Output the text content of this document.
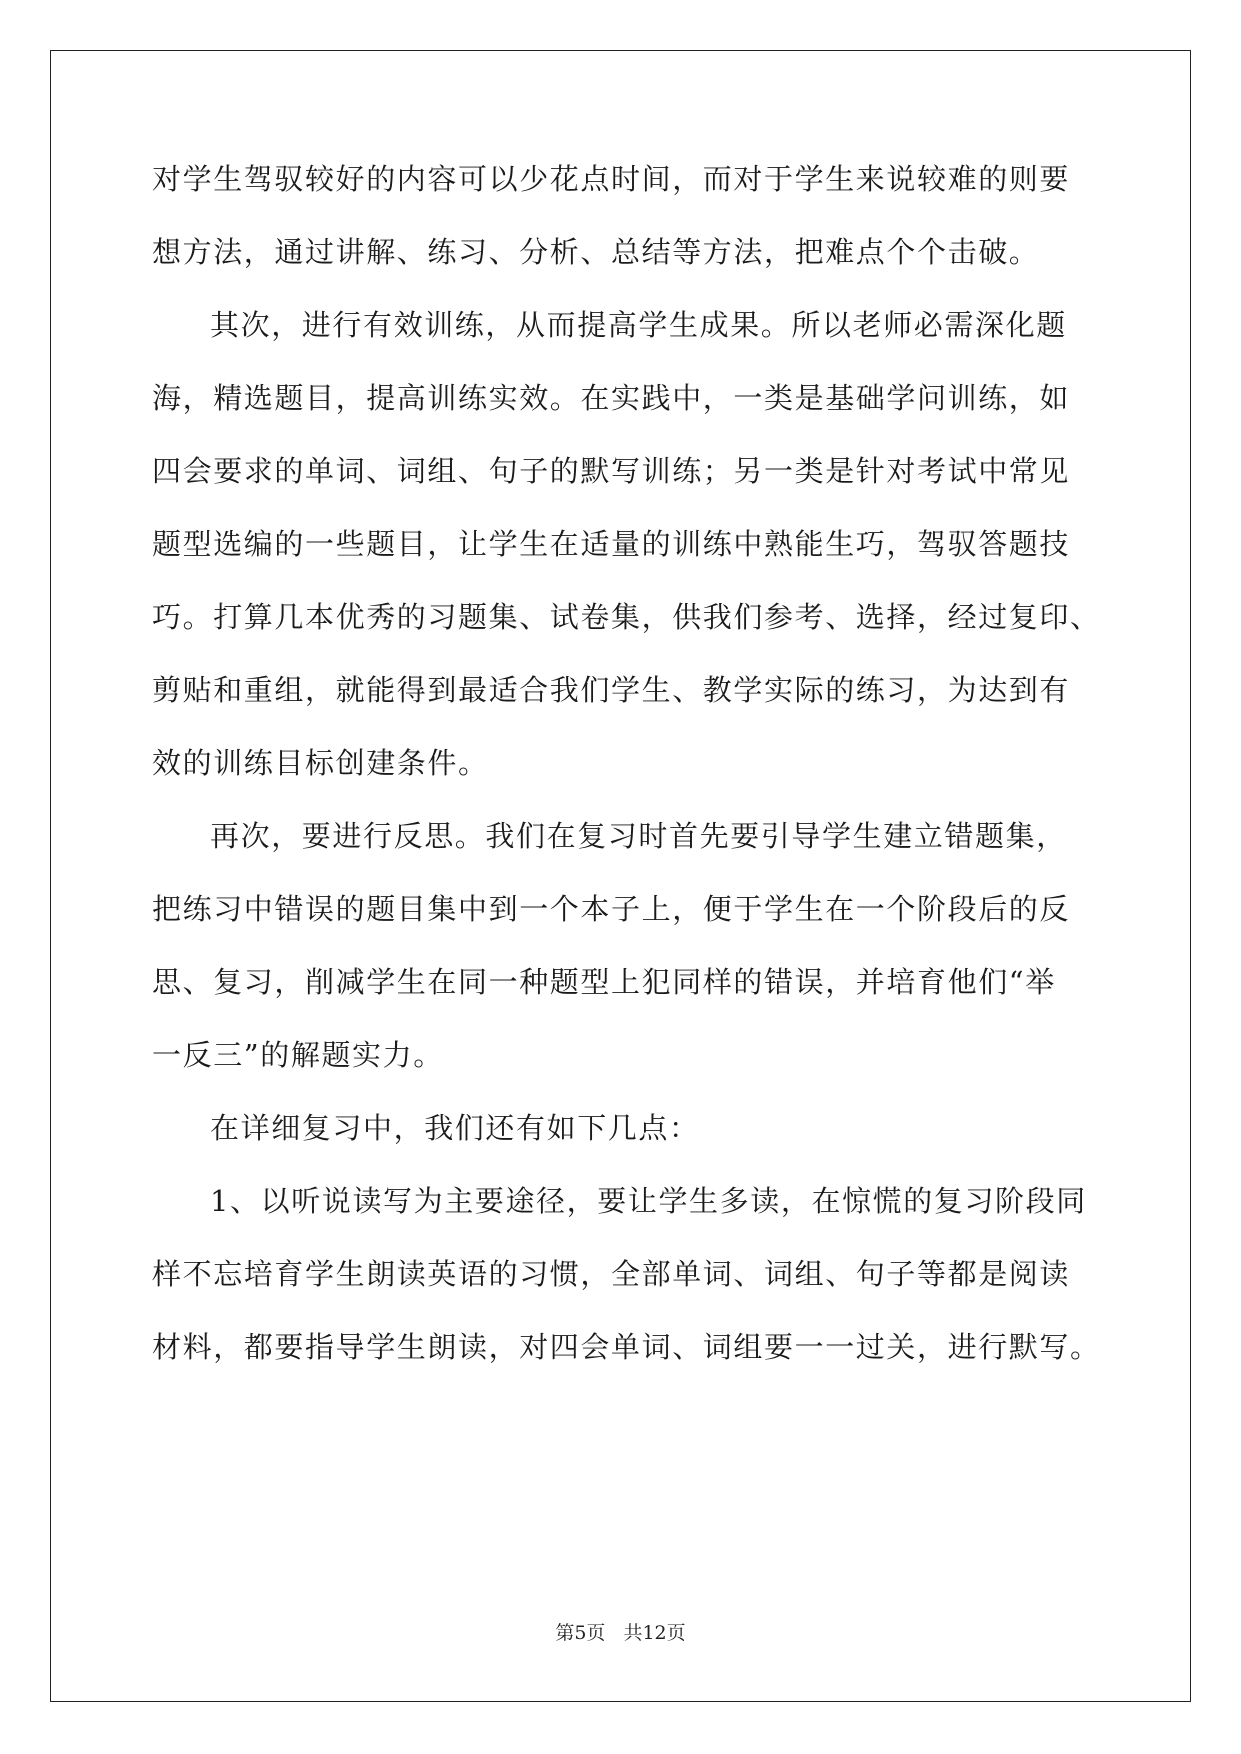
对学生驾驭较好的内容可以少花点时间，而对于学生来说较难的则要
想方法，通过讲解、练习、分析、总结等方法，把难点个个击破。
其次，进行有效训练，从而提高学生成果。所以老师必需深化题
海，精选题目，提高训练实效。在实践中，一类是基础学问训练，如
四会要求的单词、词组、句子的默写训练；另一类是针对考试中常见
题型选编的一些题目，让学生在适量的训练中熟能生巧，驾驭答题技
巧。打算几本优秀的习题集、试卷集，供我们参考、选择，经过复印、
剪贴和重组，就能得到最适合我们学生、教学实际的练习，为达到有
效的训练目标创建条件。
再次，要进行反思。我们在复习时首先要引导学生建立错题集，
把练习中错误的题目集中到一个本子上，便于学生在一个阶段后的反
思、复习，削减学生在同一种题型上犯同样的错误，并培育他们“举
一反三”的解题实力。
在详细复习中，我们还有如下几点：
1、以听说读写为主要途径，要让学生多读，在惊慌的复习阶段同
样不忘培育学生朗读英语的习惯，全部单词、词组、句子等都是阅读
材料，都要指导学生朗读，对四会单词、词组要一一过关，进行默写。
第5页 共12页
